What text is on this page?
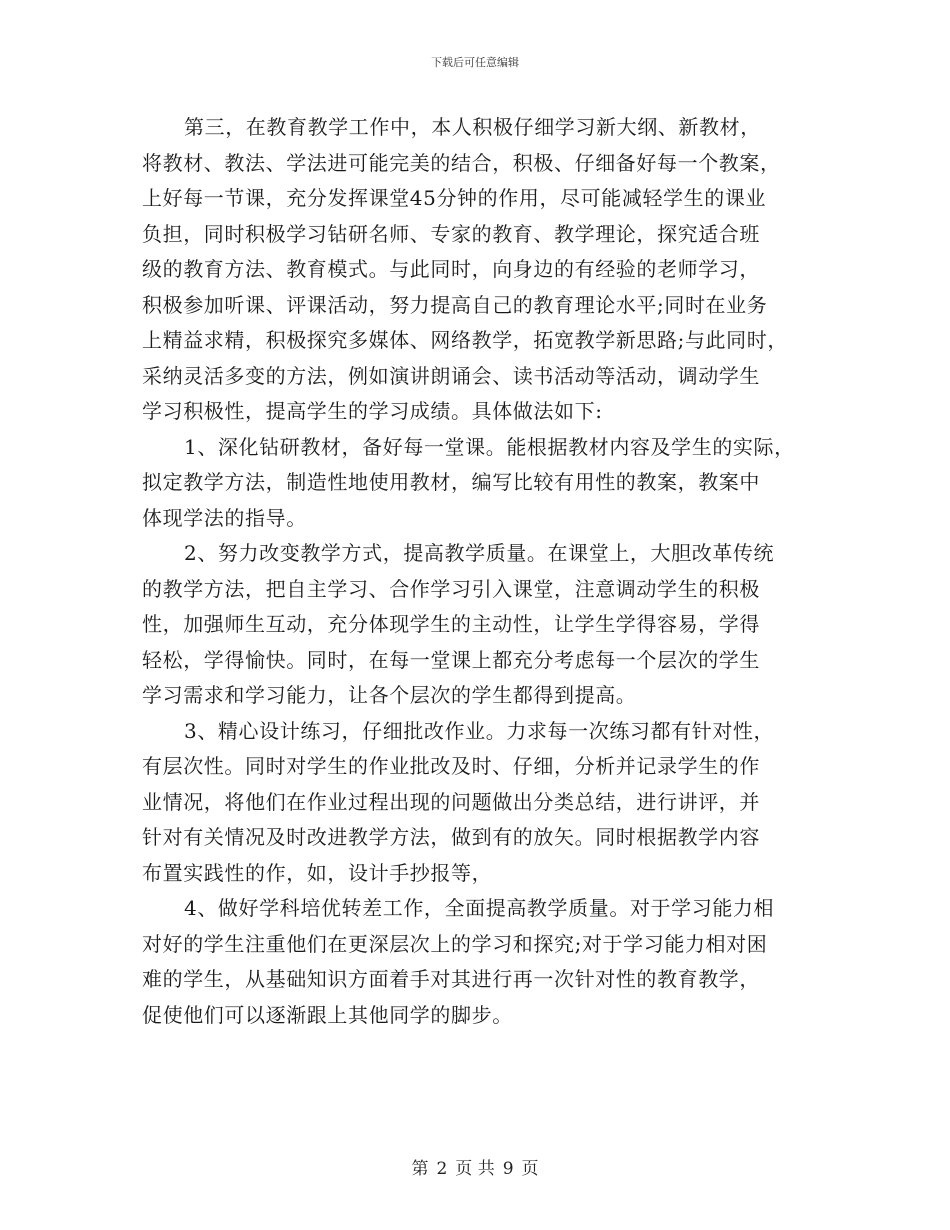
下载后可任意编辑
第三，在教育教学工作中，本人积极仔细学习新大纲、新教材，
将教材、教法、学法进可能完美的结合，积极、仔细备好每一个教案，
上好每一节课，充分发挥课堂45分钟的作用，尽可能减轻学生的课业
负担，同时积极学习钻研名师、专家的教育、教学理论，探究适合班
级的教育方法、教育模式。与此同时，向身边的有经验的老师学习，
积极参加听课、评课活动，努力提高自己的教育理论水平;同时在业务
上精益求精，积极探究多媒体、网络教学，拓宽教学新思路;与此同时，
采纳灵活多变的方法，例如演讲朗诵会、读书活动等活动，调动学生
学习积极性，提高学生的学习成绩。具体做法如下:
1、深化钻研教材，备好每一堂课。能根据教材内容及学生的实际，
拟定教学方法，制造性地使用教材，编写比较有用性的教案，教案中
体现学法的指导。
2、努力改变教学方式，提高教学质量。在课堂上，大胆改革传统
的教学方法，把自主学习、合作学习引入课堂，注意调动学生的积极
性，加强师生互动，充分体现学生的主动性，让学生学得容易，学得
轻松，学得愉快。同时，在每一堂课上都充分考虑每一个层次的学生
学习需求和学习能力，让各个层次的学生都得到提高。
3、精心设计练习，仔细批改作业。力求每一次练习都有针对性，
有层次性。同时对学生的作业批改及时、仔细，分析并记录学生的作
业情况，将他们在作业过程出现的问题做出分类总结，进行讲评，并
针对有关情况及时改进教学方法，做到有的放矢。同时根据教学内容
布置实践性的作，如，设计手抄报等，
4、做好学科培优转差工作，全面提高教学质量。对于学习能力相
对好的学生注重他们在更深层次上的学习和探究;对于学习能力相对困
难的学生，从基础知识方面着手对其进行再一次针对性的教育教学，
促使他们可以逐渐跟上其他同学的脚步。
第 2 页 共 9 页
